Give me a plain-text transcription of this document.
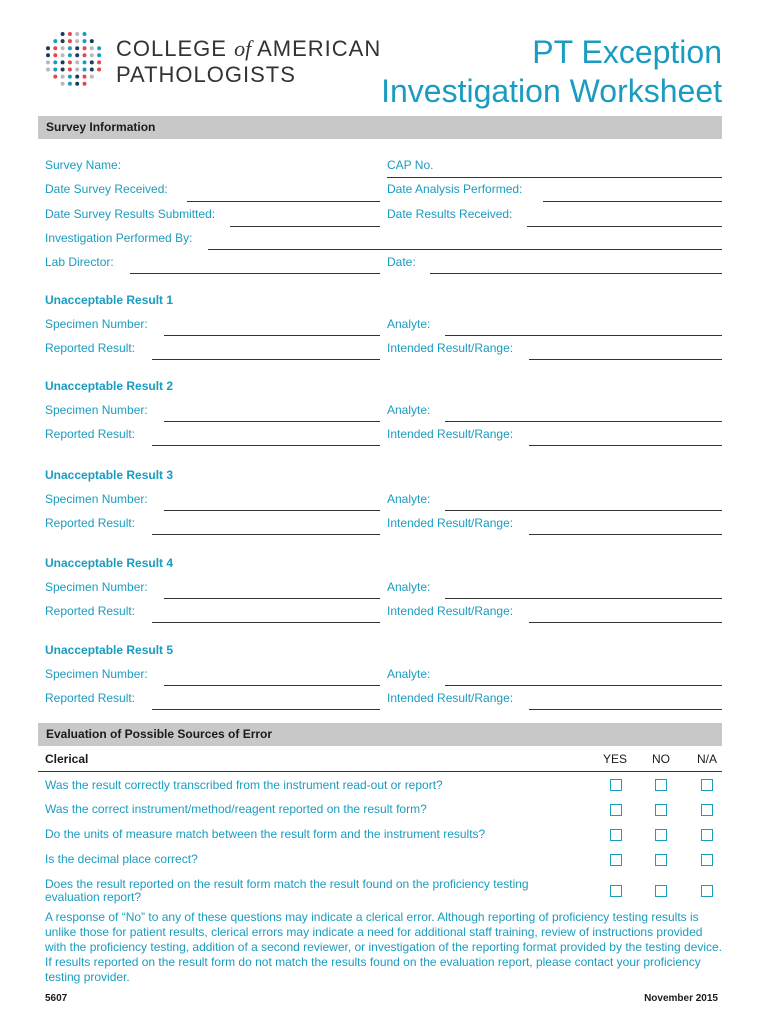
COLLEGE of AMERICAN
PATHOLOGISTS
PT Exception
Investigation Worksheet
Survey Information
Survey Name:	CAP No.
Date Survey Received:	Date Analysis Performed:
Date Survey Results Submitted:	Date Results Received:
Investigation Performed By:
Lab Director:	Date:
Unacceptable Result 1
Specimen Number:	Analyte:
Reported Result:	Intended Result/Range:
Unacceptable Result 2
Specimen Number:	Analyte:
Reported Result:	Intended Result/Range:
Unacceptable Result 3
Specimen Number:	Analyte:
Reported Result:	Intended Result/Range:
Unacceptable Result 4
Specimen Number:	Analyte:
Reported Result:	Intended Result/Range:
Unacceptable Result 5
Specimen Number:	Analyte:
Reported Result:	Intended Result/Range:
Evaluation of Possible Sources of Error
Clerical	YES NO N/A
Was the result correctly transcribed from the instrument read-out or report?
Was the correct instrument/method/reagent reported on the result form?
Do the units of measure match between the result form and the instrument results?
Is the decimal place correct?
Does the result reported on the result form match the result found on the proficiency testing evaluation report?
A response of “No” to any of these questions may indicate a clerical error. Although reporting of proficiency testing results is unlike those for patient results, clerical errors may indicate a need for additional staff training, review of instructions provided with the proficiency testing, addition of a second reviewer, or investigation of the reporting format provided by the testing device. If results reported on the result form do not match the results found on the evaluation report, please contact your proficiency testing provider.
5607	November 2015
